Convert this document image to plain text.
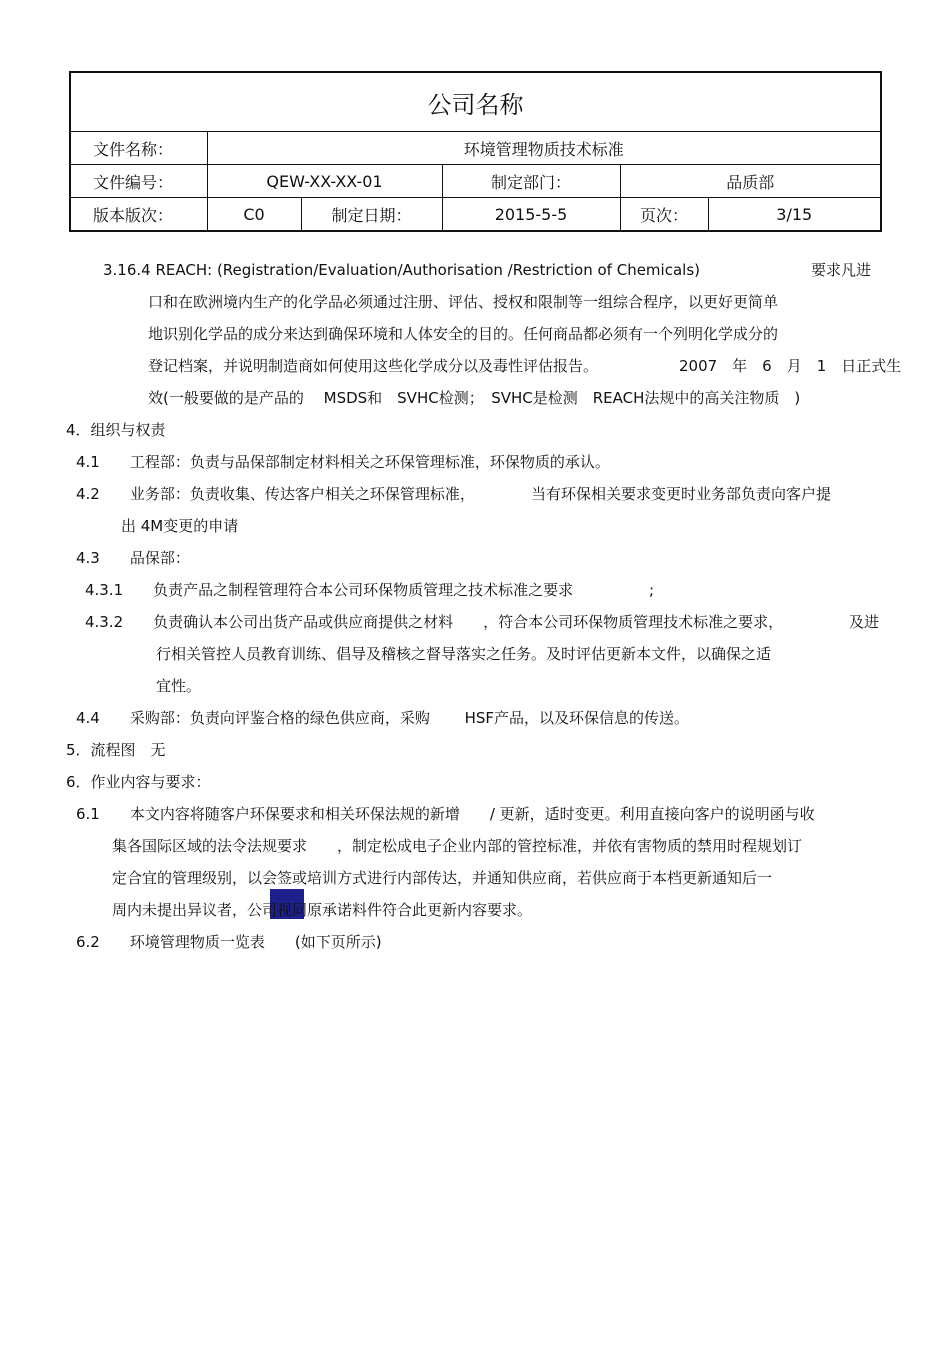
公司名称					
文件名称：	环境管理物质技术标准				
文件编号：	QEW-XX-XX-01		制定部门：	品质部	
版本版次：	C0	制定日期：	2015-5-5	页次：	3/15
3.16.4 REACH: (Registration/Evaluation/Authorisation /Restriction of Chemicals)	要求凡进
口和在欧洲境内生产的化学品必须通过注册、评估、授权和限制等一组综合程序，以更好更简单
地识别化学品的成分来达到确保环境和人体安全的目的。任何商品都必须有一个列明化学成分的
登记档案，并说明制造商如何使用这些化学成分以及毒性评估报告。	2007　年　6　月　1　日正式生
效(一般要做的是产品的　 MSDS和　SVHC检测；　SVHC是检测　REACH法规中的高关注物质　)
4．组织与权责
4.1　　工程部：负责与品保部制定材料相关之环保管理标准，环保物质的承认。
4.2　　业务部：负责收集、传达客户相关之环保管理标准，	当有环保相关要求变更时业务部负责向客户提
出 4M变更的申请
4.3　　品保部：
4.3.1　　负责产品之制程管理符合本公司环保物质管理之技术标准之要求	;
4.3.2　　负责确认本公司出货产品或供应商提供之材料　　，符合本公司环保物质管理技术标准之要求，	及进
行相关管控人员教育训练、倡导及稽核之督导落实之任务。及时评估更新本文件，以确保之适
宜性。
4.4　　采购部：负责向评鉴合格的绿色供应商，采购　　 HSF产品，以及环保信息的传送。
5．流程图　无
6．作业内容与要求：
6.1　　本文内容将随客户环保要求和相关环保法规的新增　　/ 更新，适时变更。利用直接向客户的说明函与收
集各国际区域的法令法规要求　　，制定松成电子企业内部的管控标准，并依有害物质的禁用时程规划订
定合宜的管理级别，以会签或培训方式进行内部传达，并通知供应商，若供应商于本档更新通知后一
周内未提出异议者，公司视同原承诺料件符合此更新内容要求。
6.2　　环境管理物质一览表　　(如下页所示)
